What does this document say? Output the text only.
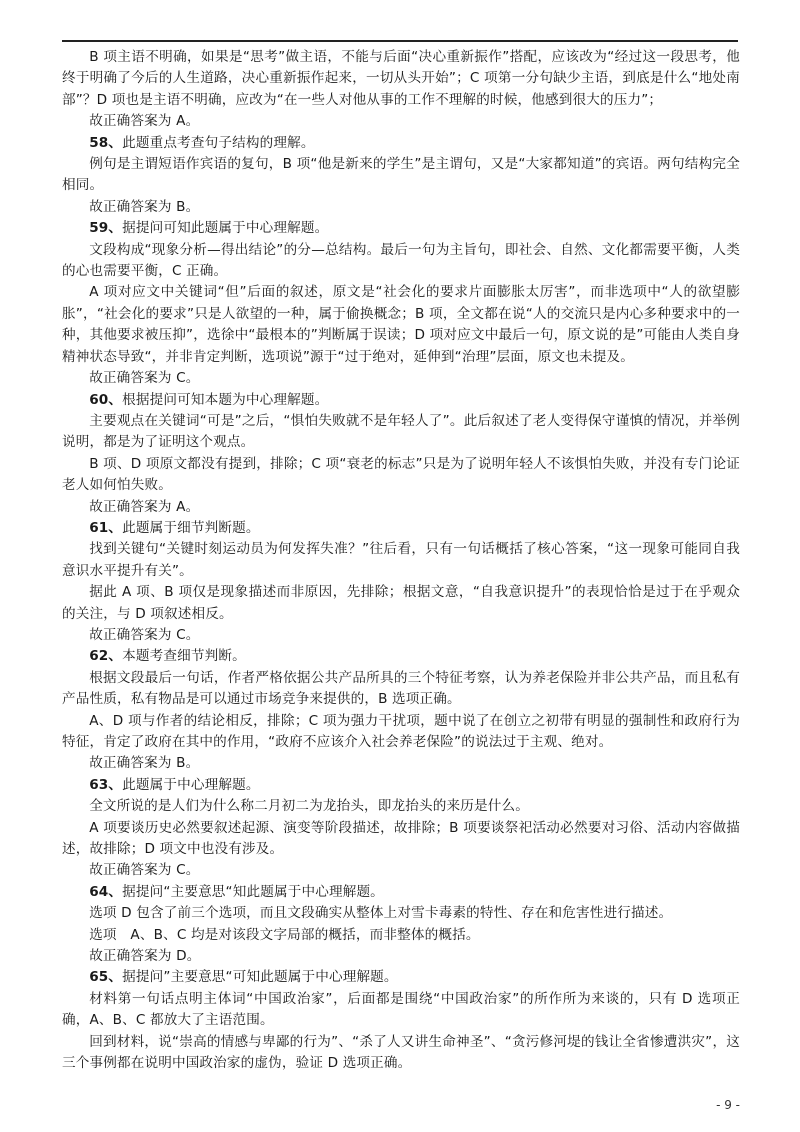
B 项主语不明确，如果是“思考”做主语，不能与后面“决心重新振作”搭配，应该改为“经过这一段思考，他终于明确了今后的人生道路，决心重新振作起来，一切从头开始”；C 项第一分句缺少主语，到底是什么“地处南部”？D 项也是主语不明确，应改为“在一些人对他从事的工作不理解的时候，他感到很大的压力”；

故正确答案为 A。

58、此题重点考查句子结构的理解。

例句是主谓短语作宾语的复句，B 项“他是新来的学生”是主谓句，又是“大家都知道”的宾语。两句结构完全相同。

故正确答案为 B。

59、据提问可知此题属于中心理解题。

文段构成“现象分析—得出结论”的分—总结构。最后一句为主旨句，即社会、自然、文化都需要平衡，人类的心也需要平衡，C 正确。

A 项对应文中关键词“但”后面的叙述，原文是“社会化的要求片面膨胀太厉害”，而非选项中“人的欲望膨胀”，“社会化的要求”只是人欲望的一种，属于偷换概念；B 项，全文都在说“人的交流只是内心多种要求中的一种，其他要求被压抑”，选徐中“最根本的”判断属于误读；D 项对应文中最后一句，原文说的是”可能由人类自身精神状态导致“，并非肯定判断，选项说”源于“过于绝对，延伸到“治理”层面，原文也未提及。

故正确答案为 C。

60、根据提问可知本题为中心理解题。

主要观点在关键词“可是”之后，“惧怕失败就不是年轻人了”。此后叙述了老人变得保守谨慎的情况，并举例说明，都是为了证明这个观点。

B 项、D 项原文都没有提到，排除；C 项“衰老的标志”只是为了说明年轻人不该惧怕失败，并没有专门论证老人如何怕失败。

故正确答案为 A。

61、此题属于细节判断题。

找到关键句“关键时刻运动员为何发挥失准？”往后看，只有一句话概括了核心答案，“这一现象可能同自我意识水平提升有关”。

据此 A 项、B 项仅是现象描述而非原因，先排除；根据文意，“自我意识提升”的表现恰恰是过于在乎观众的关注，与 D 项叙述相反。

故正确答案为 C。

62、本题考查细节判断。

根据文段最后一句话，作者严格依据公共产品所具的三个特征考察，认为养老保险并非公共产品，而且私有产品性质，私有物品是可以通过市场竞争来提供的，B 选项正确。

A、D 项与作者的结论相反，排除；C 项为强力干扰项，题中说了在创立之初带有明显的强制性和政府行为特征，肯定了政府在其中的作用，“政府不应该介入社会养老保险”的说法过于主观、绝对。

故正确答案为 B。

63、此题属于中心理解题。

全文所说的是人们为什么称二月初二为龙抬头，即龙抬头的来历是什么。

A 项要谈历史必然要叙述起源、演变等阶段描述，故排除；B 项要谈祭祀活动必然要对习俗、活动内容做描述，故排除；D 项文中也没有涉及。

故正确答案为 C。

64、据提问“主要意思“知此题属于中心理解题。

选项 D 包含了前三个选项，而且文段确实从整体上对雪卡毒素的特性、存在和危害性进行描述。

选项　A、B、C 均是对该段文字局部的概括，而非整体的概括。

故正确答案为 D。

65、据提问”主要意思“可知此题属于中心理解题。

材料第一句话点明主体词“中国政治家”，后面都是围绕“中国政治家”的所作所为来谈的，只有 D 选项正确，A、B、C 都放大了主语范围。

回到材料，说“崇高的情感与卑鄙的行为”、“杀了人又讲生命神圣”、“贪污修河堤的钱让全省惨遭洪灾”，这三个事例都在说明中国政治家的虚伪，验证 D 选项正确。

- 9 -
